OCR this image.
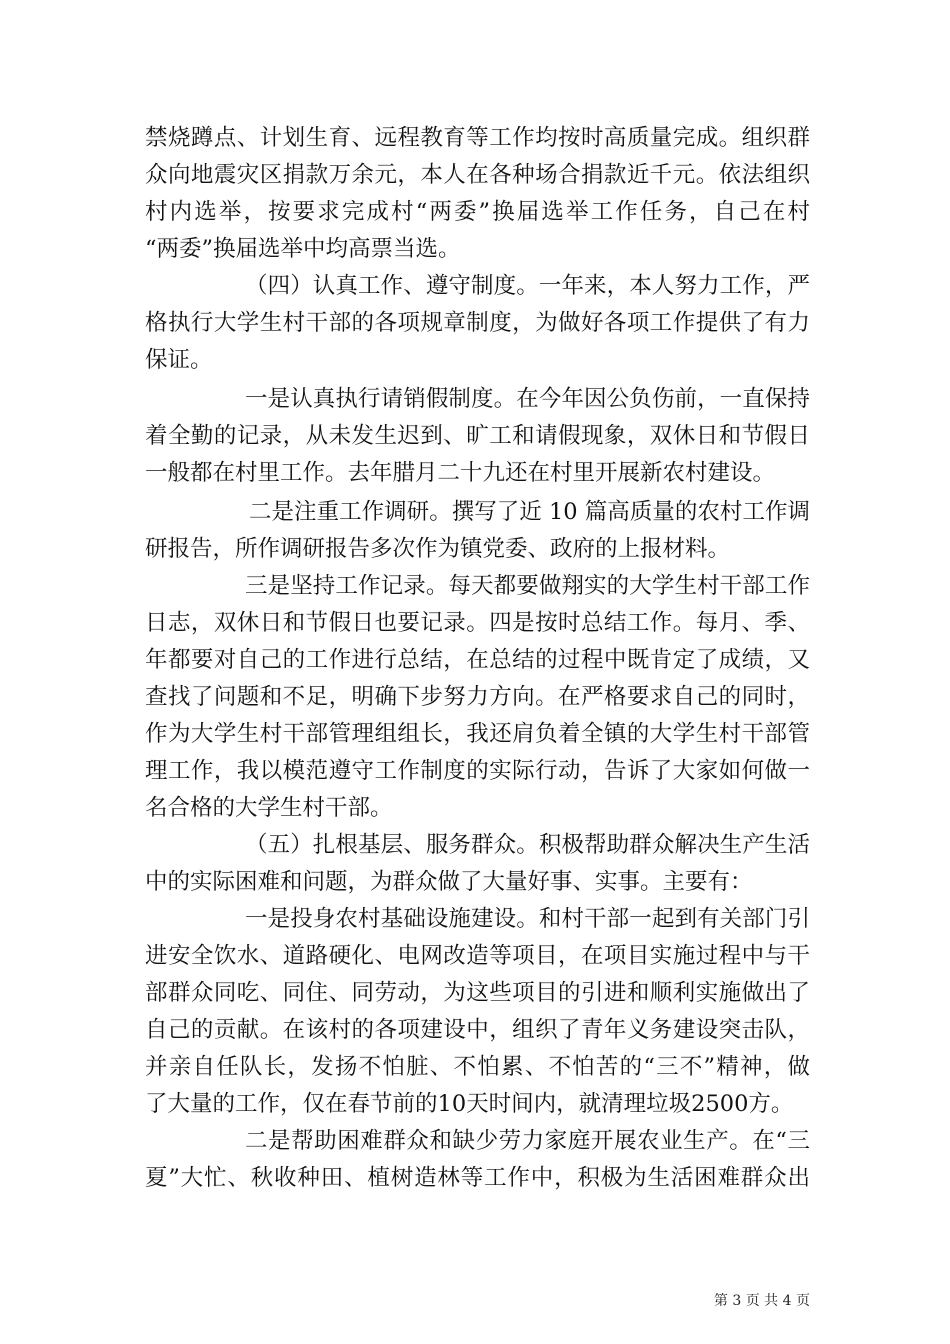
禁烧蹲点、计划生育、远程教育等工作均按时高质量完成。组织群
众向地震灾区捐款万余元，本人在各种场合捐款近千元。依法组织
村内选举，按要求完成村“两委”换届选举工作任务，自己在村
“两委”换届选举中均高票当选。
（四）认真工作、遵守制度。一年来，本人努力工作，严
格执行大学生村干部的各项规章制度，为做好各项工作提供了有力
保证。
一是认真执行请销假制度。在今年因公负伤前，一直保持
着全勤的记录，从未发生迟到、旷工和请假现象，双休日和节假日
一般都在村里工作。去年腊月二十九还在村里开展新农村建设。
二是注重工作调研。撰写了近 10 篇高质量的农村工作调
研报告，所作调研报告多次作为镇党委、政府的上报材料。
三是坚持工作记录。每天都要做翔实的大学生村干部工作
日志，双休日和节假日也要记录。四是按时总结工作。每月、季、
年都要对自己的工作进行总结，在总结的过程中既肯定了成绩，又
查找了问题和不足，明确下步努力方向。在严格要求自己的同时，
作为大学生村干部管理组组长，我还肩负着全镇的大学生村干部管
理工作，我以模范遵守工作制度的实际行动，告诉了大家如何做一
名合格的大学生村干部。
（五）扎根基层、服务群众。积极帮助群众解决生产生活
中的实际困难和问题，为群众做了大量好事、实事。主要有：
一是投身农村基础设施建设。和村干部一起到有关部门引
进安全饮水、道路硬化、电网改造等项目，在项目实施过程中与干
部群众同吃、同住、同劳动，为这些项目的引进和顺利实施做出了
自己的贡献。在该村的各项建设中，组织了青年义务建设突击队，
并亲自任队长，发扬不怕脏、不怕累、不怕苦的“三不”精神，做
了大量的工作，仅在春节前的10天时间内，就清理垃圾2500方。
二是帮助困难群众和缺少劳力家庭开展农业生产。在“三
夏”大忙、秋收种田、植树造林等工作中，积极为生活困难群众出
第 3 页 共 4 页
